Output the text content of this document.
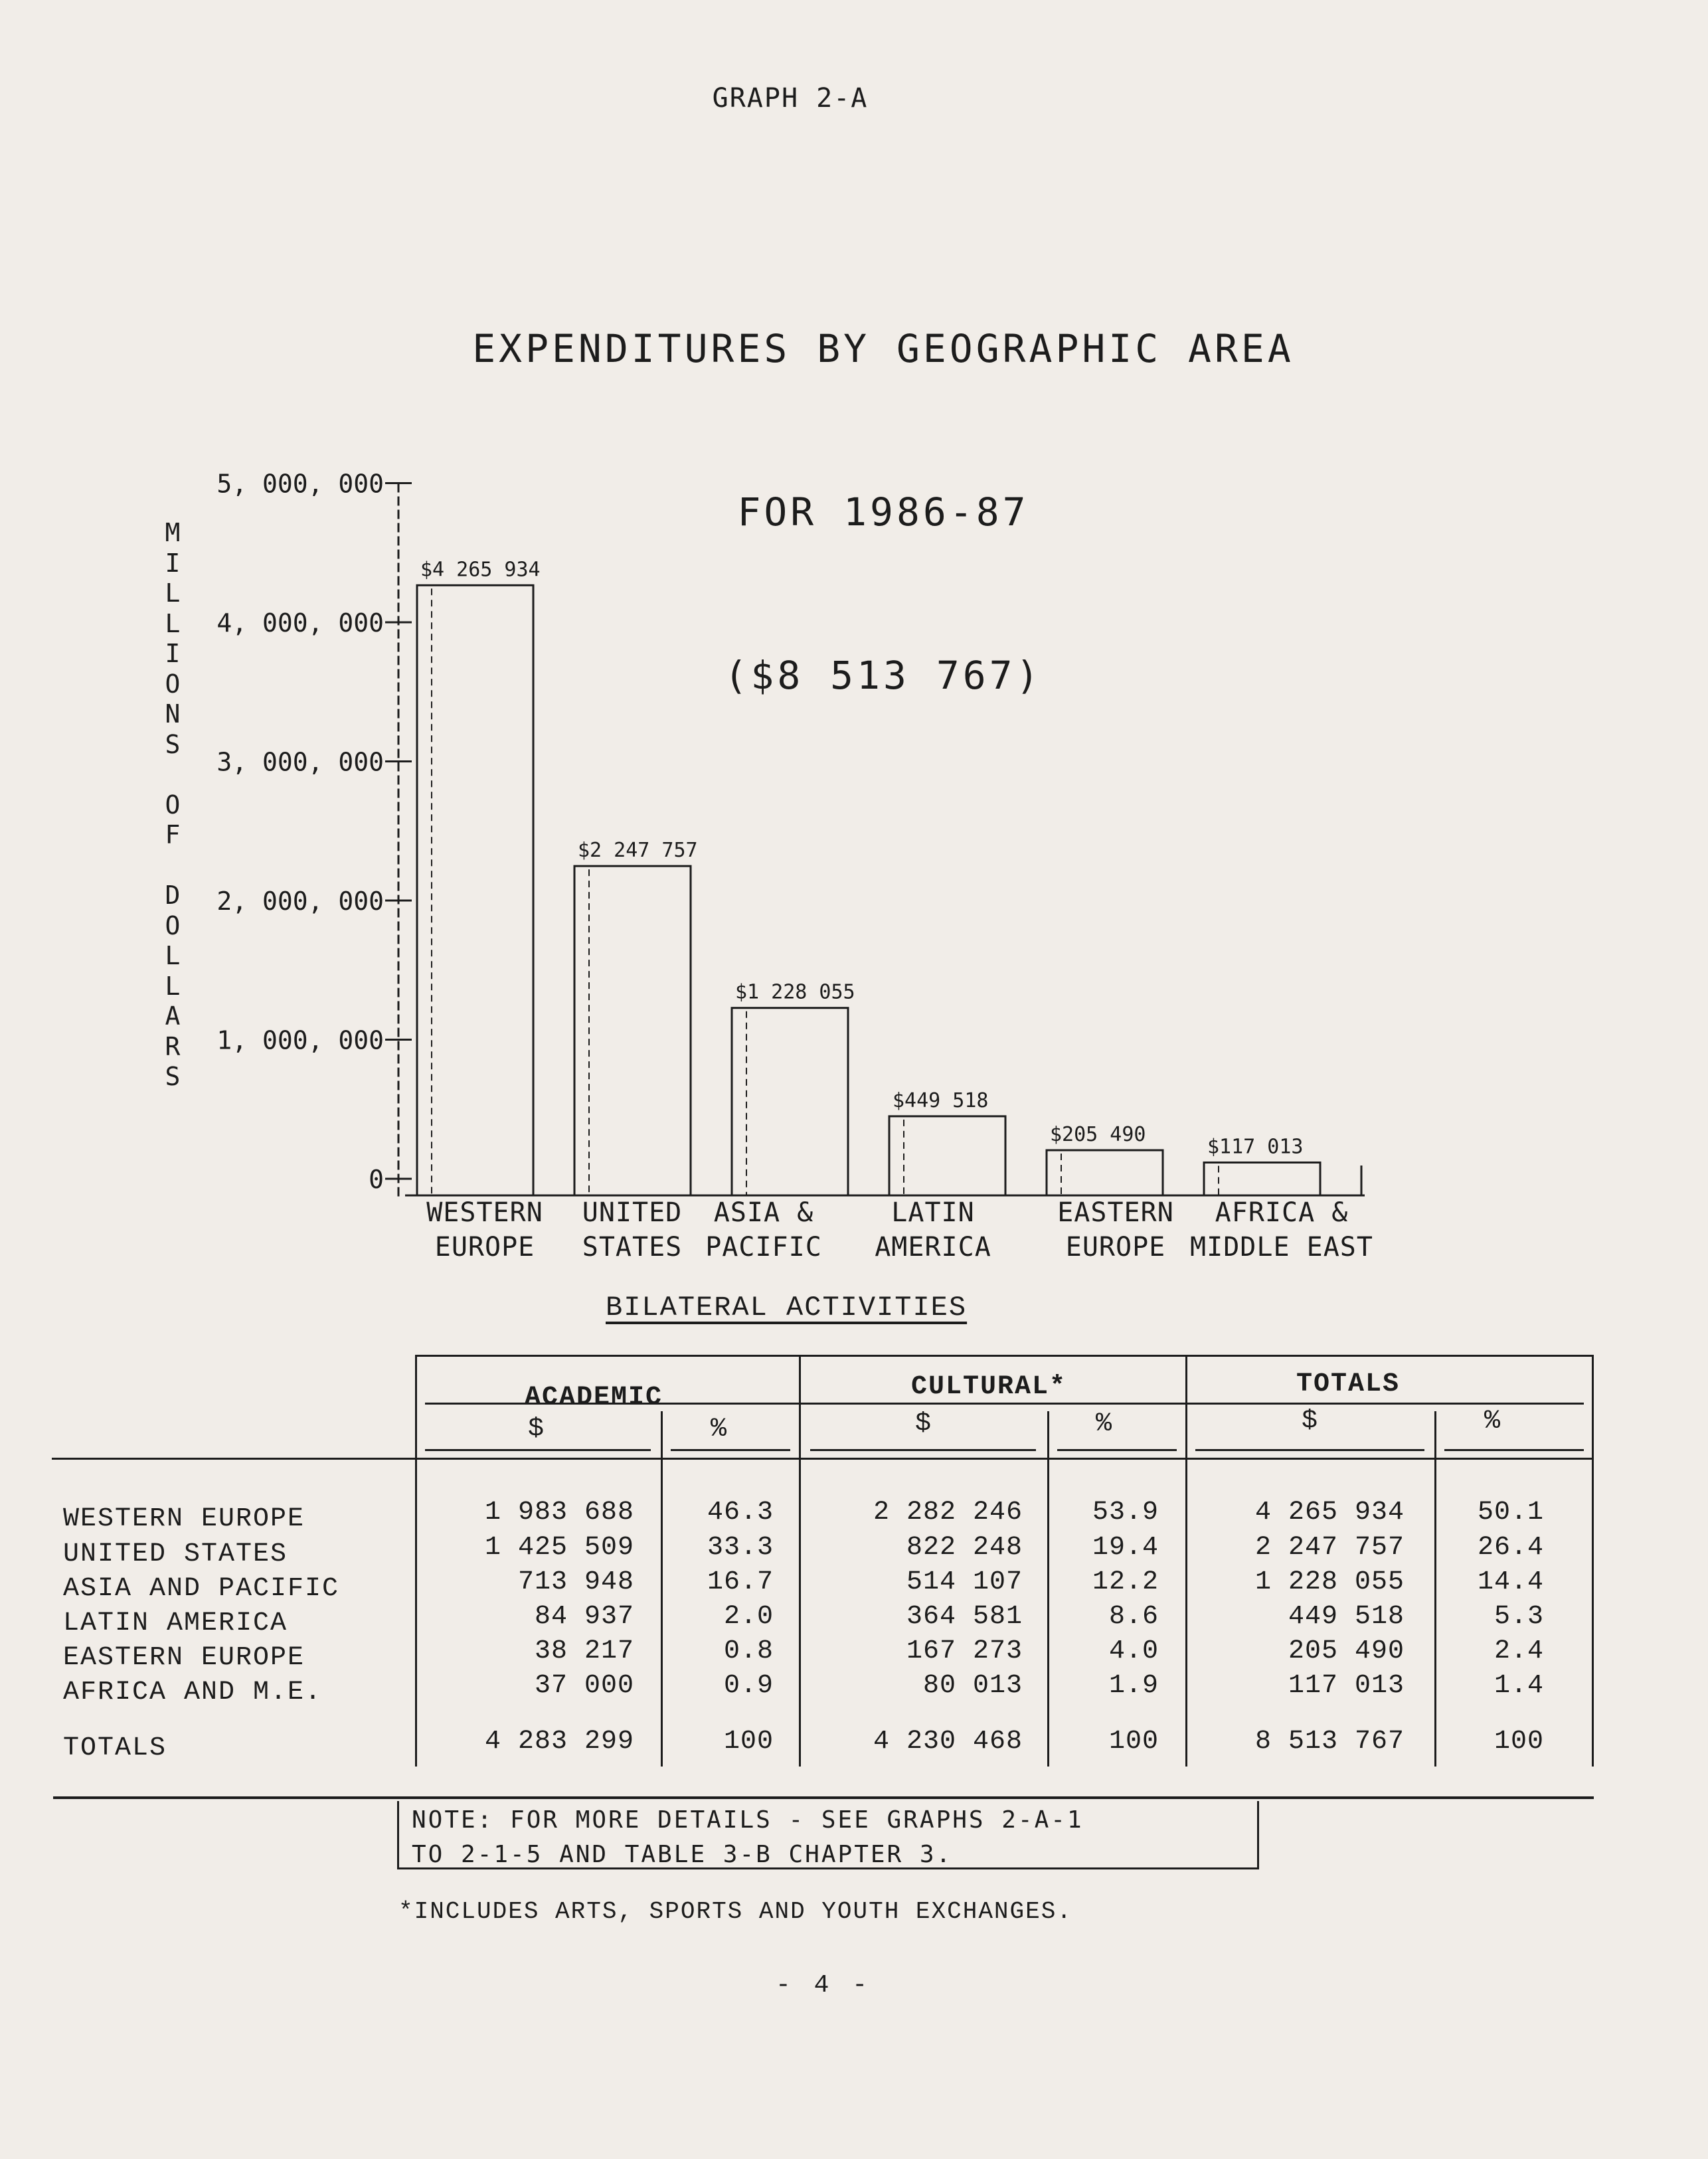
GRAPH 2-A

EXPENDITURES BY GEOGRAPHIC AREA

FOR 1986-87

($8 513 767)

M
I
L
L
I
O
N
S

O
F

D
O
L
L
A
R
S
0
1, 000, 000
2, 000, 000
3, 000, 000
4, 000, 000
5, 000, 000
$4 265 934
$2 247 757
$1 228 055
$449 518
$205 490
$117 013
WESTERN
EUROPE
UNITED
STATES
ASIA &
PACIFIC
LATIN
AMERICA
EASTERN
EUROPE
AFRICA &
MIDDLE EAST
BILATERAL ACTIVITIES
ACADEMIC	CULTURAL*	TOTALS
$	%	$	%	$	%
WESTERN EUROPE	1 983 688	46.3	2 282 246	53.9	4 265 934	50.1
UNITED STATES	1 425 509	33.3	822 248	19.4	2 247 757	26.4
ASIA AND PACIFIC	713 948	16.7	514 107	12.2	1 228 055	14.4
LATIN AMERICA	84 937	2.0	364 581	8.6	449 518	5.3
EASTERN EUROPE	38 217	0.8	167 273	4.0	205 490	2.4
AFRICA AND M.E.	37 000	0.9	80 013	1.9	117 013	1.4
TOTALS	4 283 299	100	4 230 468	100	8 513 767	100
NOTE: FOR MORE DETAILS - SEE GRAPHS 2-A-1
TO 2-1-5 AND TABLE 3-B CHAPTER 3.
*INCLUDES ARTS, SPORTS AND YOUTH EXCHANGES.
- 4 -
